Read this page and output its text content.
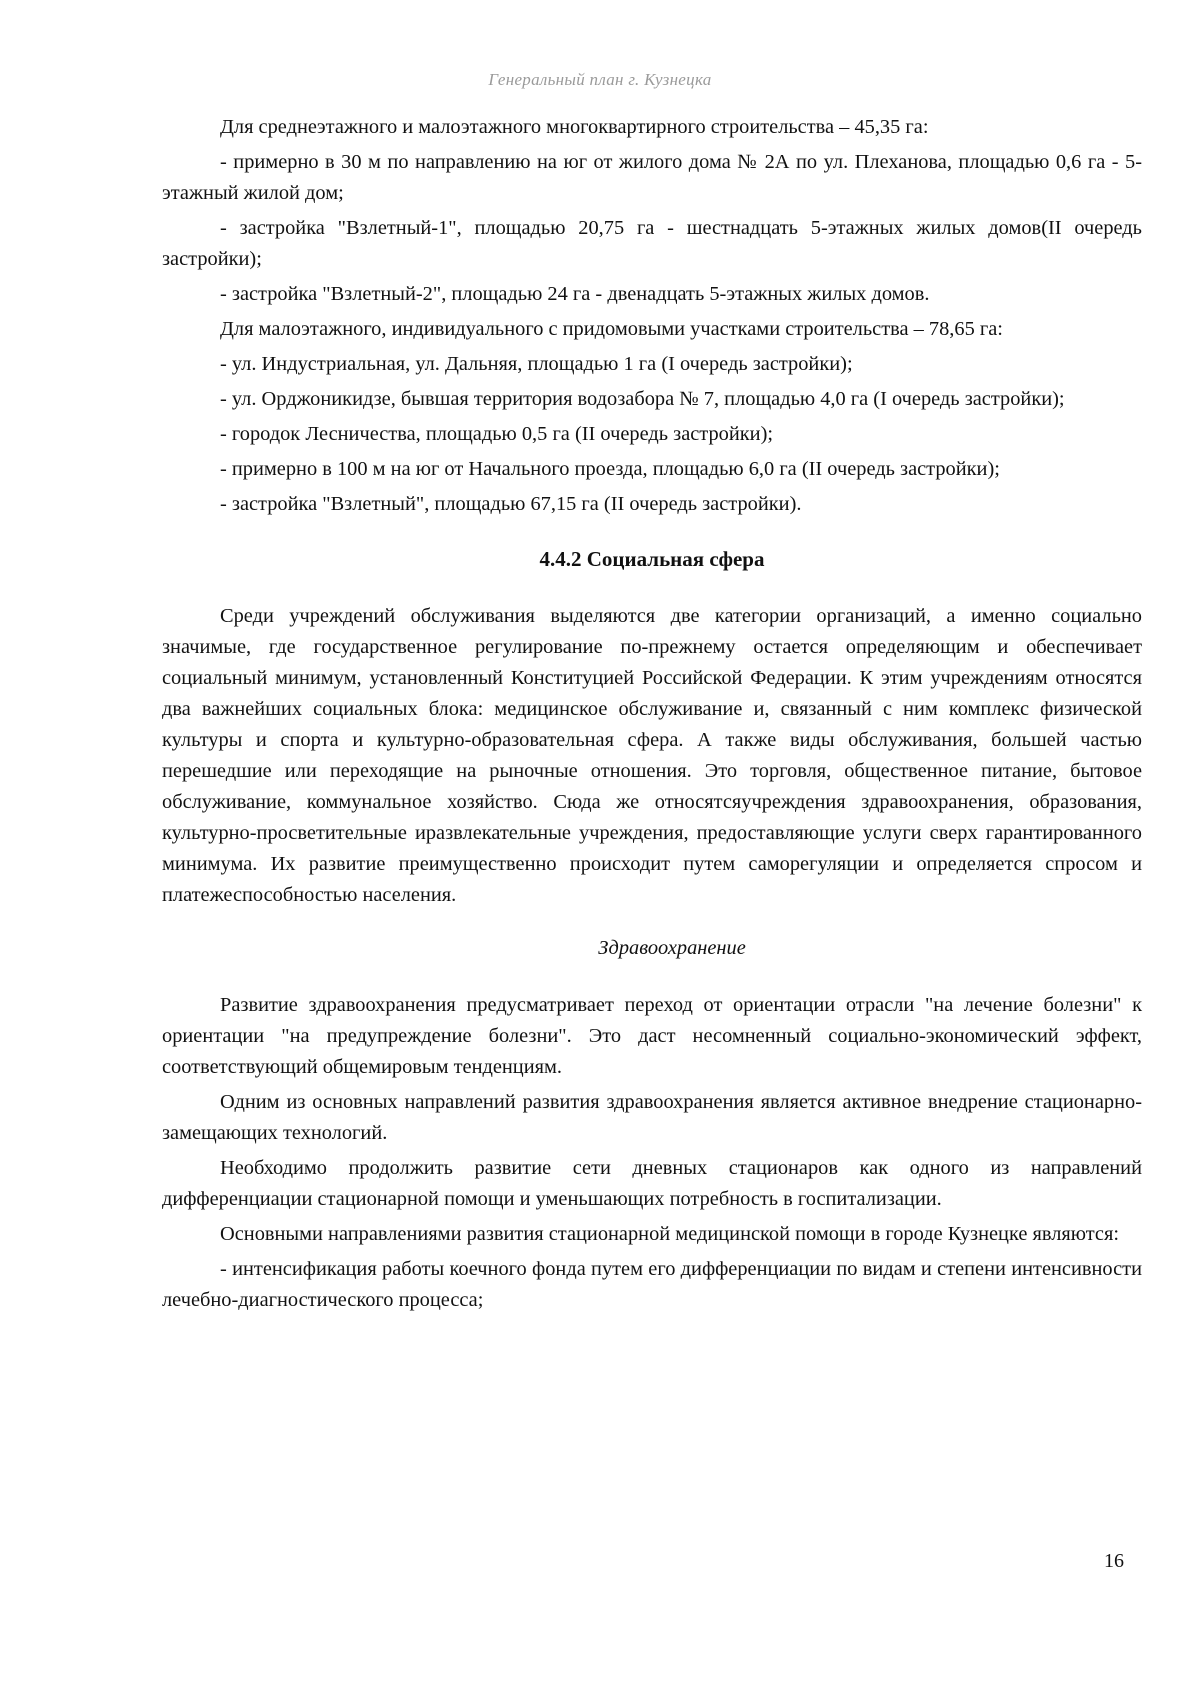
Генеральный план г. Кузнецка

Для среднеэтажного и малоэтажного многоквартирного строительства – 45,35 га:

- примерно в 30 м по направлению на юг от жилого дома № 2А по ул. Плеханова, площадью 0,6 га - 5-этажный жилой дом;

- застройка "Взлетный-1", площадью 20,75 га - шестнадцать 5-этажных жилых домов(II очередь застройки);

- застройка "Взлетный-2", площадью 24 га - двенадцать 5-этажных жилых домов.

Для малоэтажного, индивидуального с придомовыми участками строительства – 78,65 га:

- ул. Индустриальная, ул. Дальняя, площадью 1 га (I очередь застройки);

- ул. Орджоникидзе, бывшая территория водозабора № 7, площадью 4,0 га (I очередь застройки);

- городок Лесничества, площадью 0,5 га (II очередь застройки);

- примерно в 100 м на юг от Начального проезда, площадью 6,0 га (II очередь застройки);

- застройка "Взлетный", площадью 67,15 га (II очередь застройки).

4.4.2 Социальная сфера

Среди учреждений обслуживания выделяются две категории организаций, а именно социально значимые, где государственное регулирование по-прежнему остается определяющим и обеспечивает социальный минимум, установленный Конституцией Российской Федерации. К этим учреждениям относятся два важнейших социальных блока: медицинское обслуживание и, связанный с ним комплекс физической культуры и спорта и культурно-образовательная сфера. А также виды обслуживания, большей частью перешедшие или переходящие на рыночные отношения. Это торговля, общественное питание, бытовое обслуживание, коммунальное хозяйство. Сюда же относятсяучреждения здравоохранения, образования, культурно-просветительные иразвлекательные учреждения, предоставляющие услуги сверх гарантированного минимума. Их развитие преимущественно происходит путем саморегуляции и определяется спросом и платежеспособностью населения.

Здравоохранение

Развитие здравоохранения предусматривает переход от ориентации отрасли "на лечение болезни" к ориентации "на предупреждение болезни". Это даст несомненный социально-экономический эффект, соответствующий общемировым тенденциям.

Одним из основных направлений развития здравоохранения является активное внедрение стационарно-замещающих технологий.

Необходимо продолжить развитие сети дневных стационаров как одного из направлений дифференциации стационарной помощи и уменьшающих потребность в госпитализации.

Основными направлениями развития стационарной медицинской помощи в городе Кузнецке являются:

- интенсификация работы коечного фонда путем его дифференциации по видам и степени интенсивности лечебно-диагностического процесса;

16
